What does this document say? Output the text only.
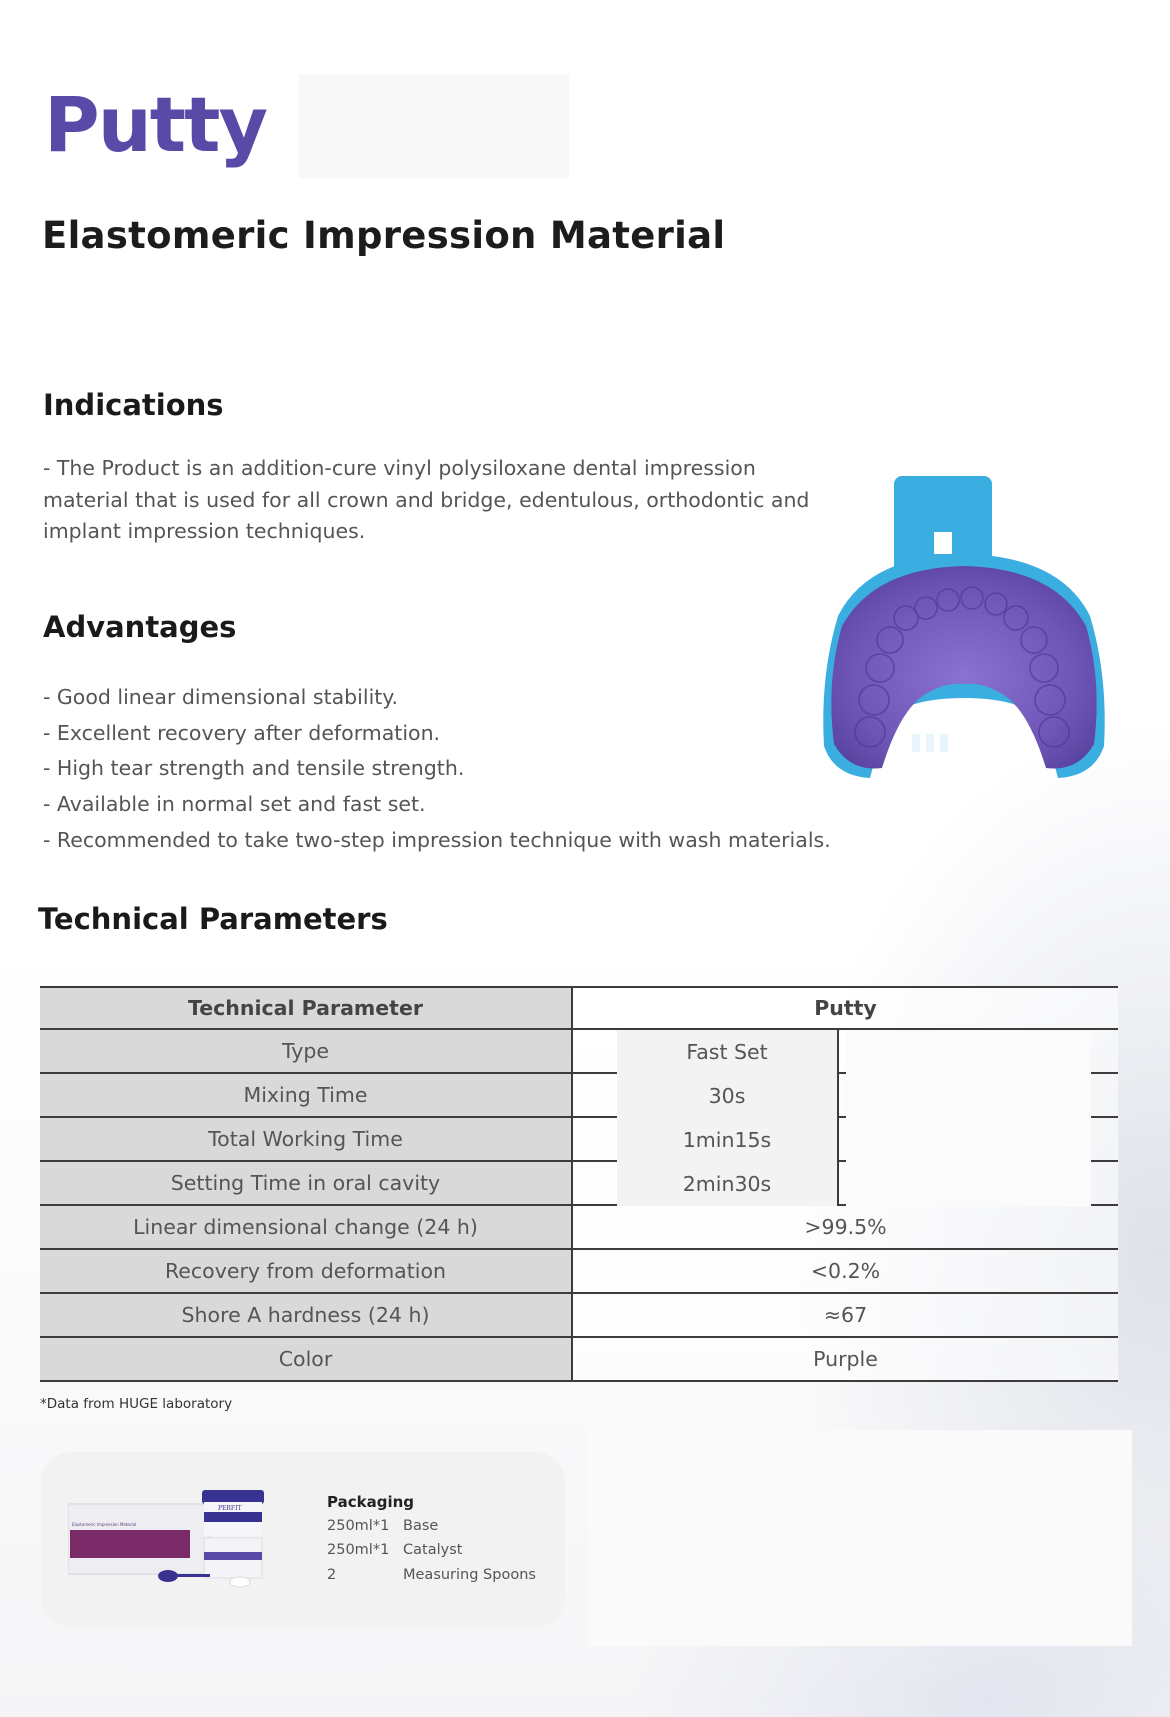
Putty
Elastomeric Impression Material
Indications

- The Product is an addition-cure vinyl polysiloxane dental impression material that is used for all crown and bridge, edentulous, orthodontic and implant impression techniques.

Advantages
- Good linear dimensional stability.
- Excellent recovery after deformation.
- High tear strength and tensile strength.
- Available in normal set and fast set.
- Recommended to take two-step impression technique with wash materials.
Technical Parameters
Technical Parameter	Putty
Type	Fast Set
Mixing Time	30s
Total Working Time	1min15s
Setting Time in oral cavity	2min30s
Linear dimensional change (24 h)	>99.5%
Recovery from deformation	<0.2%
Shore A hardness (24 h)	≈67
Color	Purple
*Data from HUGE laboratory
Elastomeric Impression Material
PERFIT	Packaging
250ml*1 Base
250ml*1 Catalyst
2	Measuring Spoons
